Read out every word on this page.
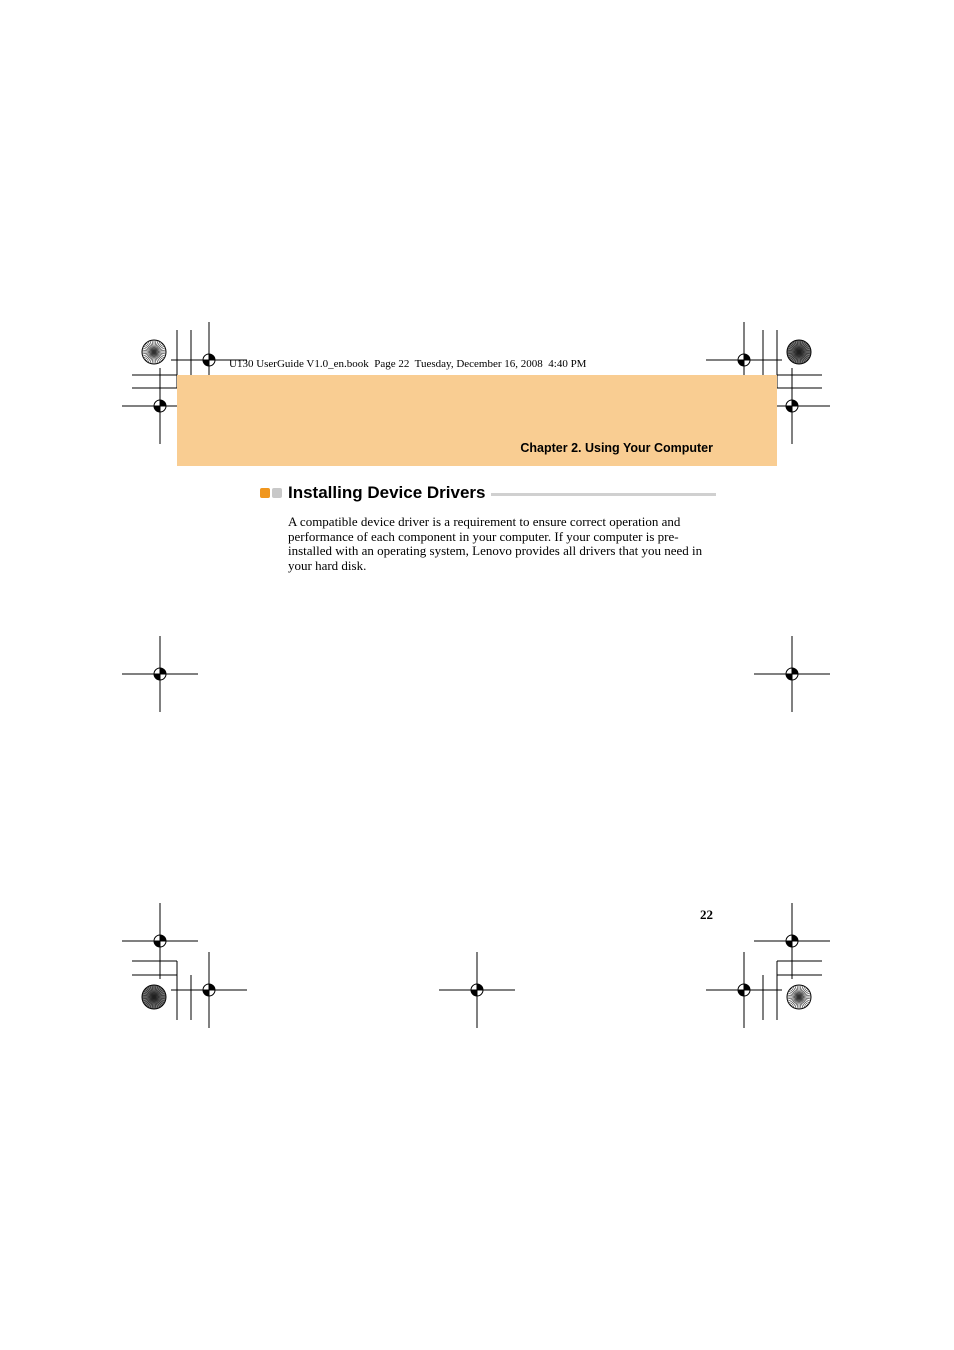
U130 UserGuide V1.0_en.book  Page 22  Tuesday, December 16, 2008  4:40 PM
Chapter 2. Using Your Computer
Installing Device Drivers
A compatible device driver is a requirement to ensure correct operation and performance of each component in your computer. If your computer is pre-installed with an operating system, Lenovo provides all drivers that you need in your hard disk.
22
